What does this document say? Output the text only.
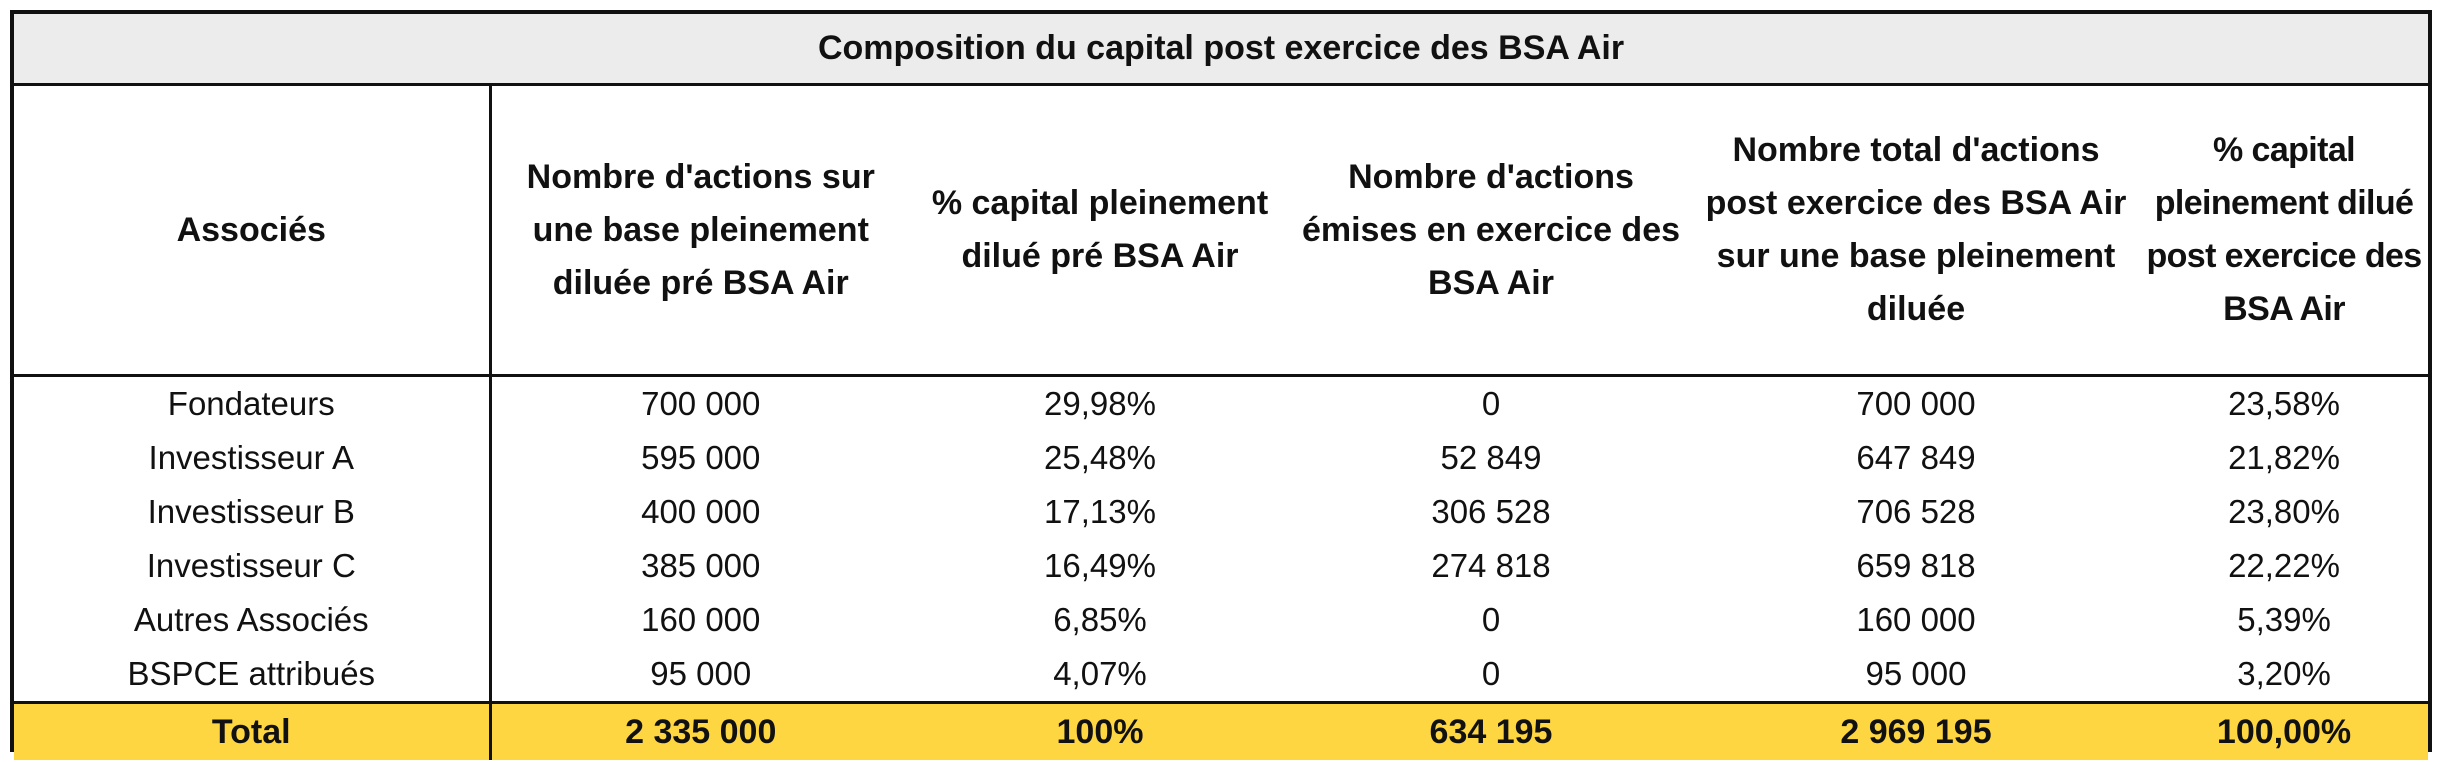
Composition du capital post exercice des BSA Air					
Associés	Nombre d'actions sur une base pleinement diluée pré BSA Air	% capital pleinement dilué pré BSA Air	Nombre d'actions émises en exercice des BSA Air	Nombre total d'actions post exercice des BSA Air sur une base pleinement diluée	% capital pleinement dilué post exercice des BSA Air
Fondateurs	700 000	29,98%	0	700 000	23,58%
Investisseur A	595 000	25,48%	52 849	647 849	21,82%
Investisseur B	400 000	17,13%	306 528	706 528	23,80%
Investisseur C	385 000	16,49%	274 818	659 818	22,22%
Autres Associés	160 000	6,85%	0	160 000	5,39%
BSPCE attribués	95 000	4,07%	0	95 000	3,20%
Total	2 335 000	100%	634 195	2 969 195	100,00%
